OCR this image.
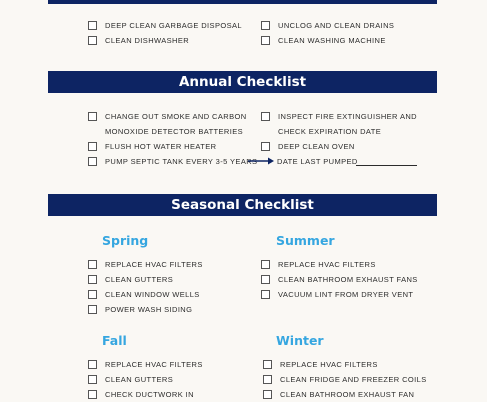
DEEP CLEAN GARBAGE DISPOSAL
CLEAN DISHWASHER
UNCLOG AND CLEAN DRAINS
CLEAN WASHING MACHINE
Annual Checklist
CHANGE OUT SMOKE AND CARBON MONOXIDE DETECTOR BATTERIES
FLUSH HOT WATER HEATER
PUMP SEPTIC TANK EVERY 3-5 YEARS
INSPECT FIRE EXTINGUISHER AND CHECK EXPIRATION DATE
DEEP CLEAN OVEN
DATE LAST PUMPED
Seasonal Checklist
Spring
REPLACE HVAC FILTERS
CLEAN GUTTERS
CLEAN WINDOW WELLS
POWER WASH SIDING
Summer
REPLACE HVAC FILTERS
CLEAN BATHROOM EXHAUST FANS
VACUUM LINT FROM DRYER VENT
Fall
REPLACE HVAC FILTERS
CLEAN GUTTERS
CHECK DUCTWORK IN
Winter
REPLACE HVAC FILTERS
CLEAN FRIDGE AND FREEZER COILS
CLEAN BATHROOM EXHAUST FAN
